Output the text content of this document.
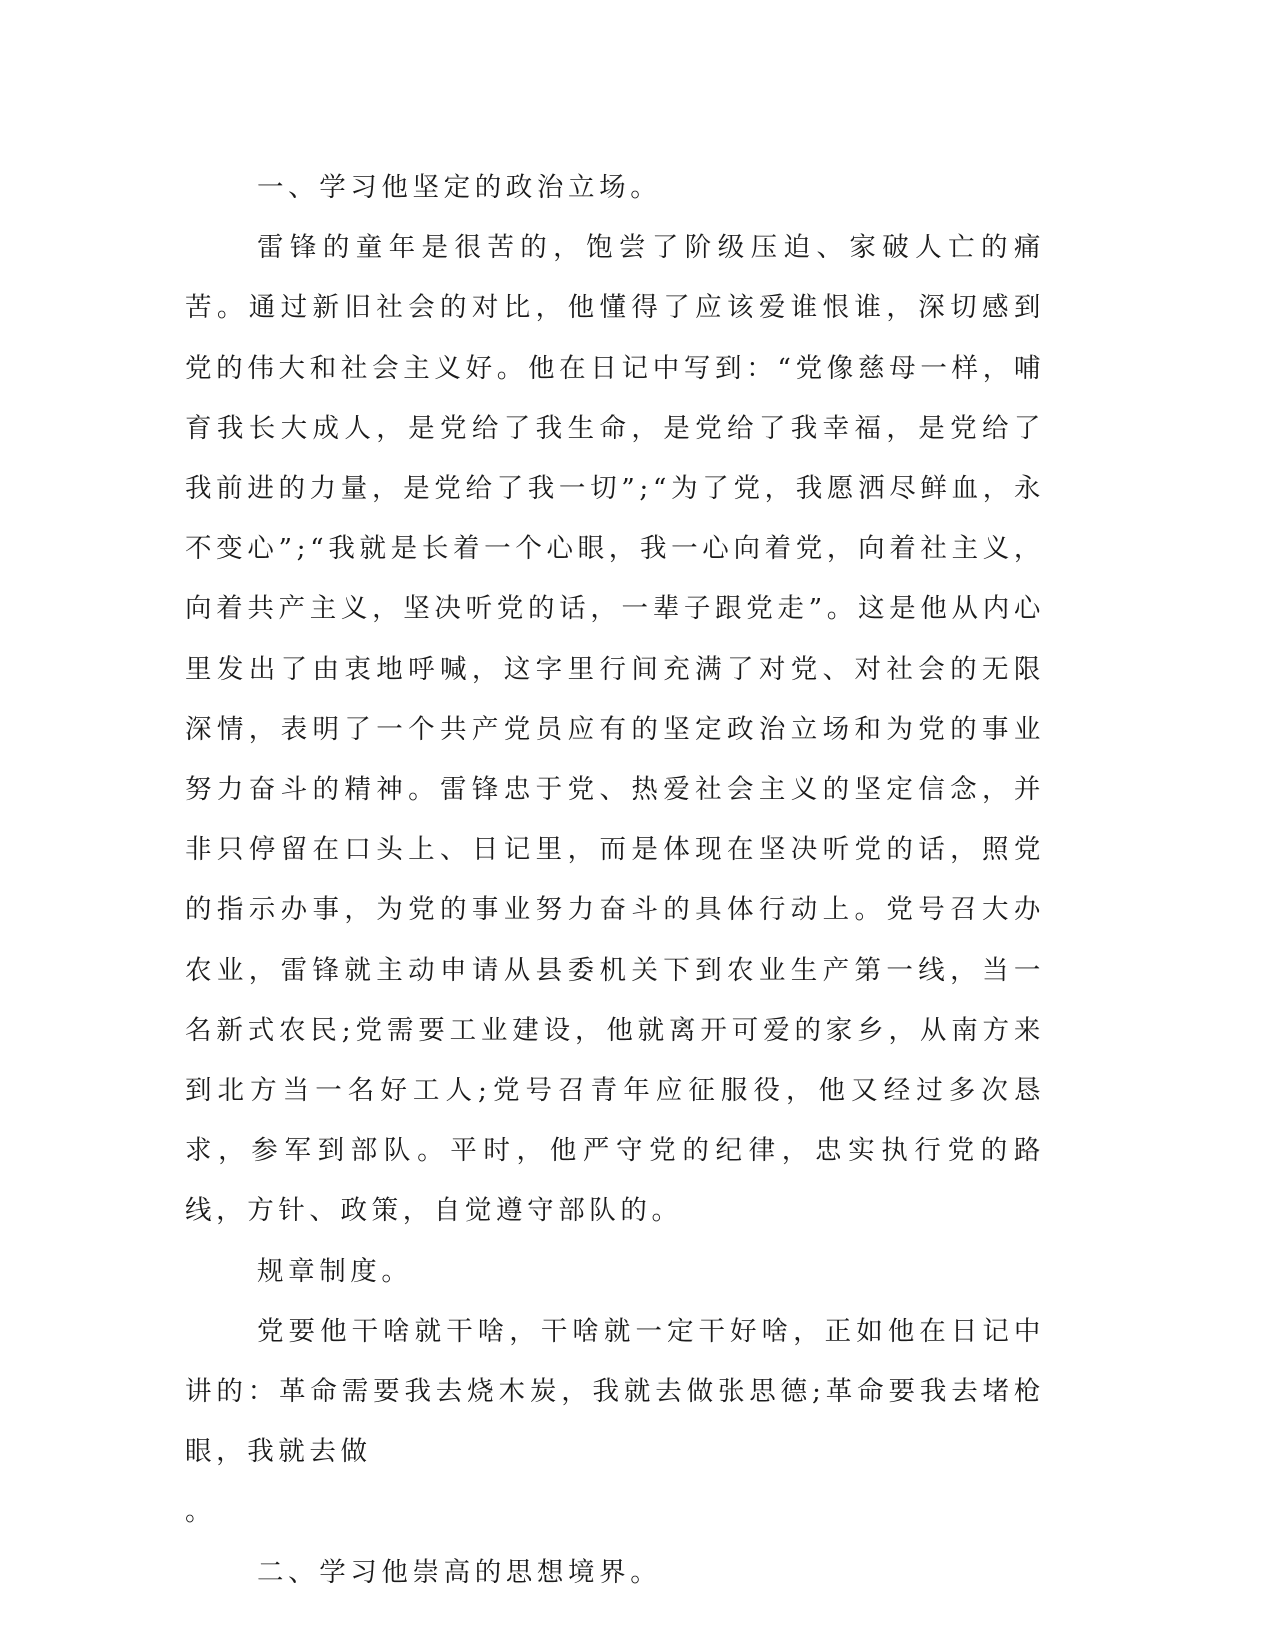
一、学习他坚定的政治立场。

雷锋的童年是很苦的，饱尝了阶级压迫、家破人亡的痛苦。通过新旧社会的对比，他懂得了应该爱谁恨谁，深切感到党的伟大和社会主义好。他在日记中写到：“党像慈母一样，哺育我长大成人，是党给了我生命，是党给了我幸福，是党给了我前进的力量，是党给了我一切”;“为了党，我愿洒尽鲜血，永不变心”;“我就是长着一个心眼，我一心向着党，向着社主义，向着共产主义，坚决听党的话，一辈子跟党走”。这是他从内心里发出了由衷地呼喊，这字里行间充满了对党、对社会的无限深情，表明了一个共产党员应有的坚定政治立场和为党的事业努力奋斗的精神。雷锋忠于党、热爱社会主义的坚定信念，并非只停留在口头上、日记里，而是体现在坚决听党的话，照党的指示办事，为党的事业努力奋斗的具体行动上。党号召大办农业，雷锋就主动申请从县委机关下到农业生产第一线，当一名新式农民;党需要工业建设，他就离开可爱的家乡，从南方来到北方当一名好工人;党号召青年应征服役，他又经过多次恳求，参军到部队。平时，他严守党的纪律，忠实执行党的路线，方针、政策，自觉遵守部队的。

规章制度。

党要他干啥就干啥，干啥就一定干好啥，正如他在日记中讲的：革命需要我去烧木炭，我就去做张思德;革命要我去堵枪眼，我就去做

。

二、学习他崇高的思想境界。
